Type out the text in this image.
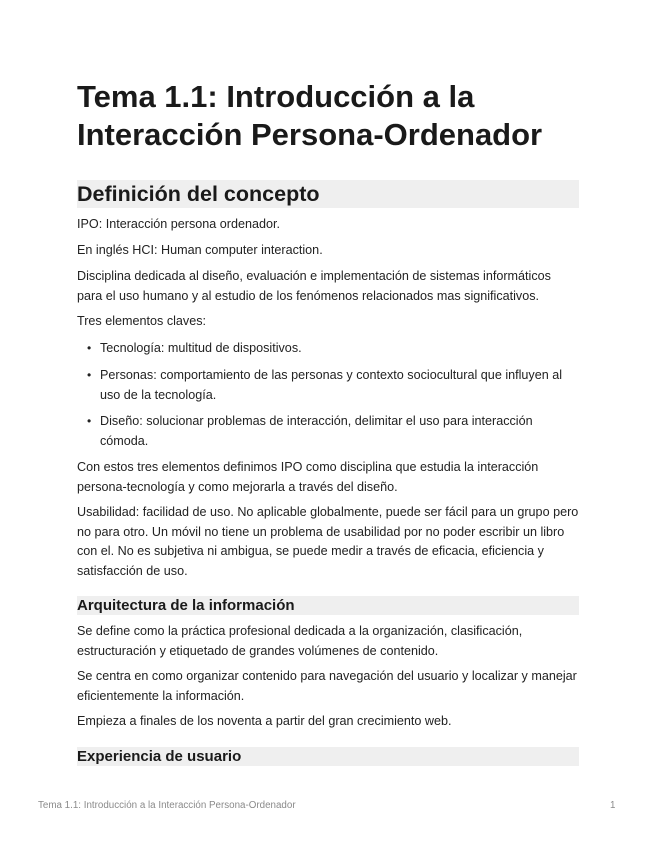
Tema 1.1: Introducción a la Interacción Persona-Ordenador
Definición del concepto

IPO: Interacción persona ordenador.

En inglés HCI: Human computer interaction.

Disciplina dedicada al diseño, evaluación e implementación de sistemas informáticos para el uso humano y al estudio de los fenómenos relacionados mas significativos.

Tres elementos claves:

• Tecnología: multitud de dispositivos.
• Personas: comportamiento de las personas y contexto sociocultural que influyen al uso de la tecnología.
• Diseño: solucionar problemas de interacción, delimitar el uso para interacción cómoda.

Con estos tres elementos definimos IPO como disciplina que estudia la interacción persona-tecnología y como mejorarla a través del diseño.

Usabilidad: facilidad de uso. No aplicable globalmente, puede ser fácil para un grupo pero no para otro. Un móvil no tiene un problema de usabilidad por no poder escribir un libro con el. No es subjetiva ni ambigua, se puede medir a través de eficacia, eficiencia y satisfacción de uso.

Arquitectura de la información

Se define como la práctica profesional dedicada a la organización, clasificación, estructuración y etiquetado de grandes volúmenes de contenido.

Se centra en como organizar contenido para navegación del usuario y localizar y manejar eficientemente la información.

Empieza a finales de los noventa a partir del gran crecimiento web.

Experiencia de usuario
Tema 1.1: Introducción a la Interacción Persona-Ordenador	1
